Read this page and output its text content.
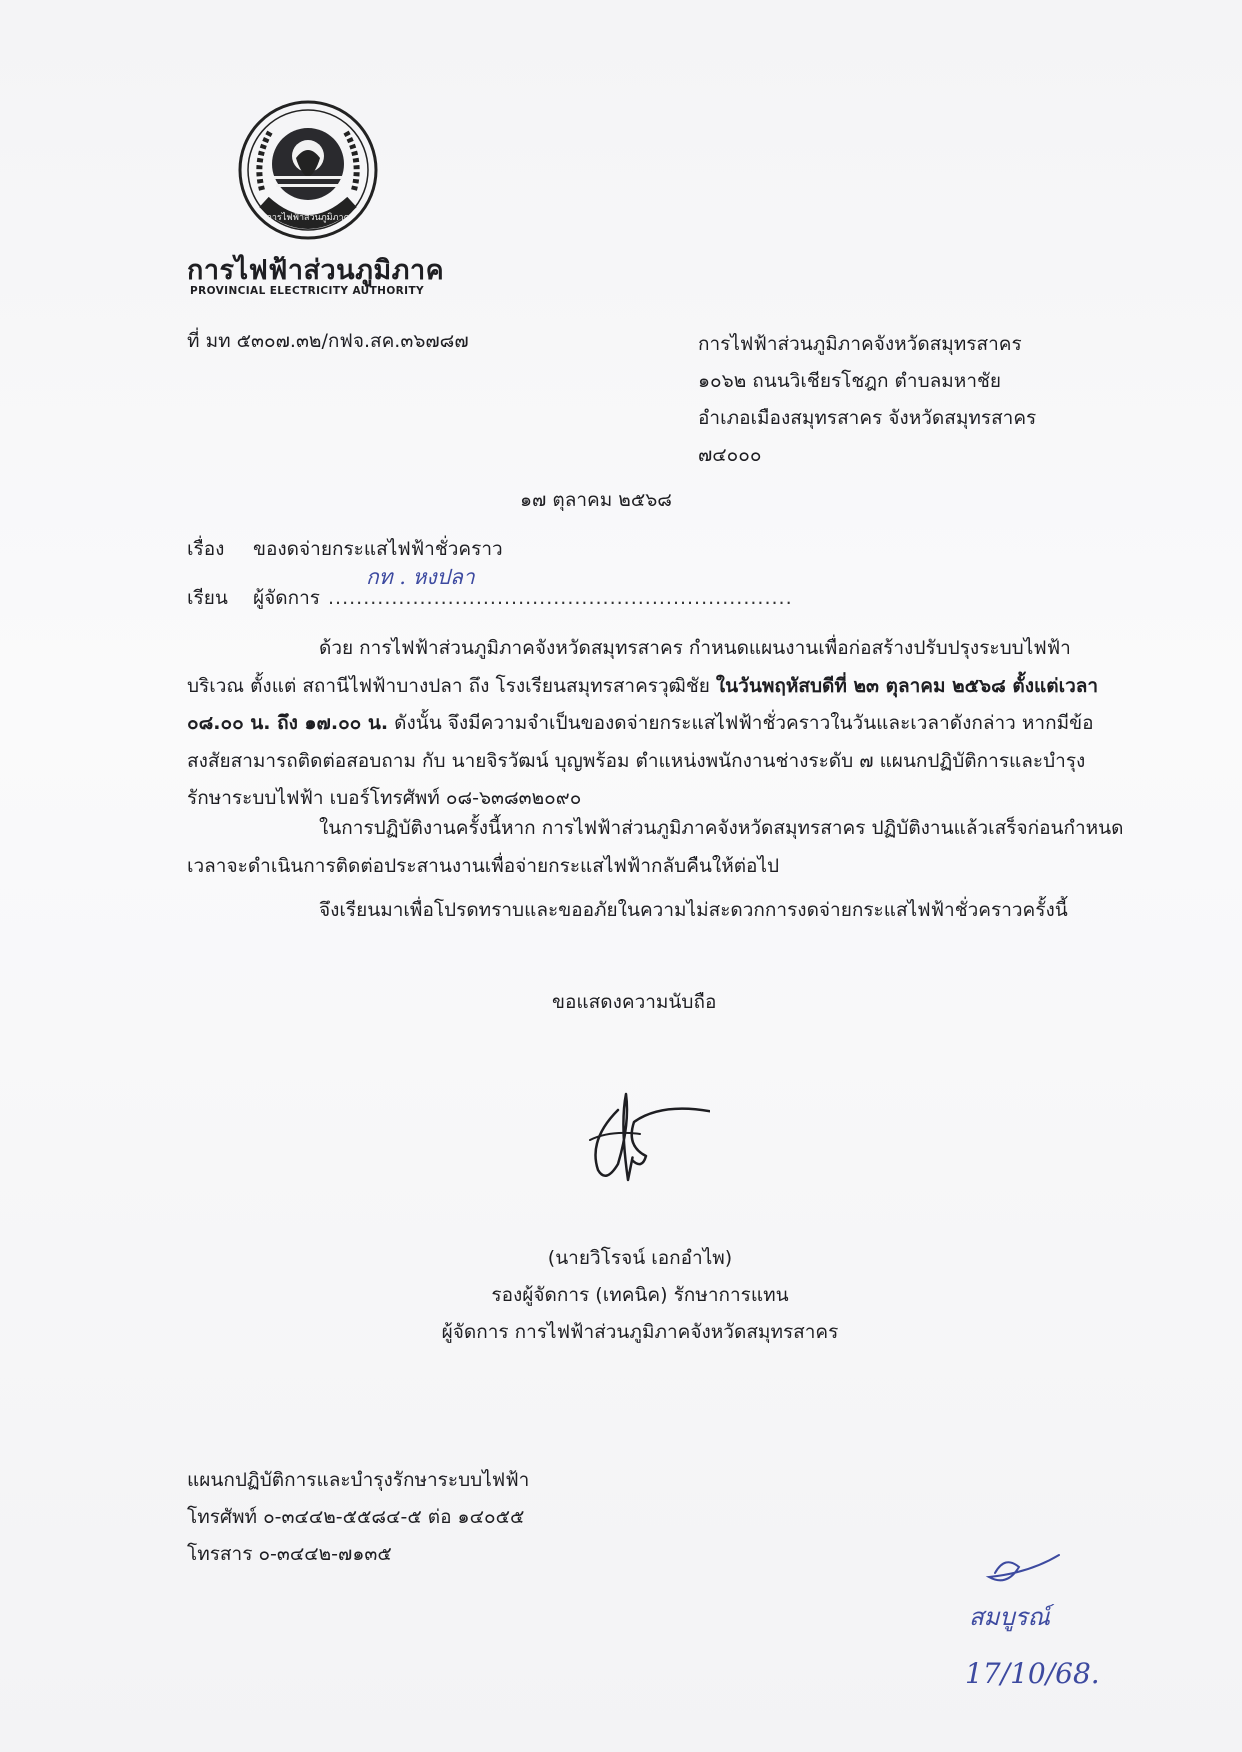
การไฟฟ้าส่วนภูมิภาค
การไฟฟ้าส่วนภูมิภาค
PROVINCIAL ELECTRICITY AUTHORITY
ที่ มท ๕๓๐๗.๓๒/กฟจ.สค.๓๖๗๘๗	การไฟฟ้าส่วนภูมิภาคจังหวัดสมุทรสาคร
๑๐๖๒ ถนนวิเชียรโชฎก ตำบลมหาชัย
อำเภอเมืองสมุทรสาคร จังหวัดสมุทรสาคร
๗๔๐๐๐
๑๗ ตุลาคม ๒๕๖๘
เรื่อง ของดจ่ายกระแสไฟฟ้าชั่วคราว
เรียน ผู้จัดการ ..................................................................
กท . หงปลา
ด้วย การไฟฟ้าส่วนภูมิภาคจังหวัดสมุทรสาคร กำหนดแผนงานเพื่อก่อสร้างปรับปรุงระบบไฟฟ้า บริเวณ ตั้งแต่ สถานีไฟฟ้าบางปลา ถึง โรงเรียนสมุทรสาครวุฒิชัย ในวันพฤหัสบดีที่ ๒๓ ตุลาคม ๒๕๖๘ ตั้งแต่เวลา ๐๘.๐๐ น. ถึง ๑๗.๐๐ น. ดังนั้น จึงมีความจำเป็นของดจ่ายกระแสไฟฟ้าชั่วคราวในวันและเวลาดังกล่าว หากมีข้อสงสัยสามารถติดต่อสอบถาม กับ นายจิรวัฒน์ บุญพร้อม ตำแหน่งพนักงานช่างระดับ ๗ แผนกปฏิบัติการและบำรุงรักษาระบบไฟฟ้า เบอร์โทรศัพท์ ๐๘-๖๓๘๓๒๐๙๐
ในการปฏิบัติงานครั้งนี้หาก การไฟฟ้าส่วนภูมิภาคจังหวัดสมุทรสาคร ปฏิบัติงานแล้วเสร็จก่อนกำหนดเวลาจะดำเนินการติดต่อประสานงานเพื่อจ่ายกระแสไฟฟ้ากลับคืนให้ต่อไป
จึงเรียนมาเพื่อโปรดทราบและขออภัยในความไม่สะดวกการงดจ่ายกระแสไฟฟ้าชั่วคราวครั้งนี้
ขอแสดงความนับถือ
(นายวิโรจน์ เอกอำไพ)
รองผู้จัดการ (เทคนิค) รักษาการแทน
ผู้จัดการ การไฟฟ้าส่วนภูมิภาคจังหวัดสมุทรสาคร
แผนกปฏิบัติการและบำรุงรักษาระบบไฟฟ้า
โทรศัพท์ ๐-๓๔๔๒-๕๕๘๔-๕ ต่อ ๑๔๐๕๕
โทรสาร ๐-๓๔๔๒-๗๑๓๕
สมบูรณ์
17/10/68.
